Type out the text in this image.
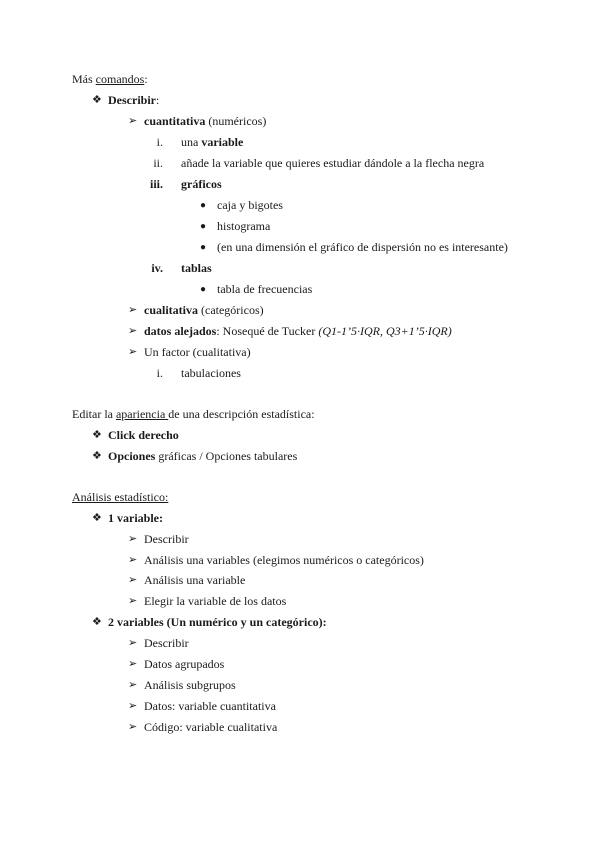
Más comandos:
❖ Describir:
➢ cuantitativa (numéricos)
i. una variable
ii. añade la variable que quieres estudiar dándole a la flecha negra
iii. gráficos
● caja y bigotes
● histograma
● (en una dimensión el gráfico de dispersión no es interesante)
iv. tablas
● tabla de frecuencias
➢ cualitativa (categóricos)
➢ datos alejados: Nosequé de Tucker (Q1-1’5·IQR, Q3+1’5·IQR)
➢ Un factor (cualitativa)
i. tabulaciones
Editar la apariencia de una descripción estadística:
❖ Click derecho
❖ Opciones gráficas / Opciones tabulares
Análisis estadístico:
❖ 1 variable:
➢ Describir
➢ Análisis una variables (elegimos numéricos o categóricos)
➢ Análisis una variable
➢ Elegir la variable de los datos
❖ 2 variables (Un numérico y un categórico):
➢ Describir
➢ Datos agrupados
➢ Análisis subgrupos
➢ Datos: variable cuantitativa
➢ Código: variable cualitativa
